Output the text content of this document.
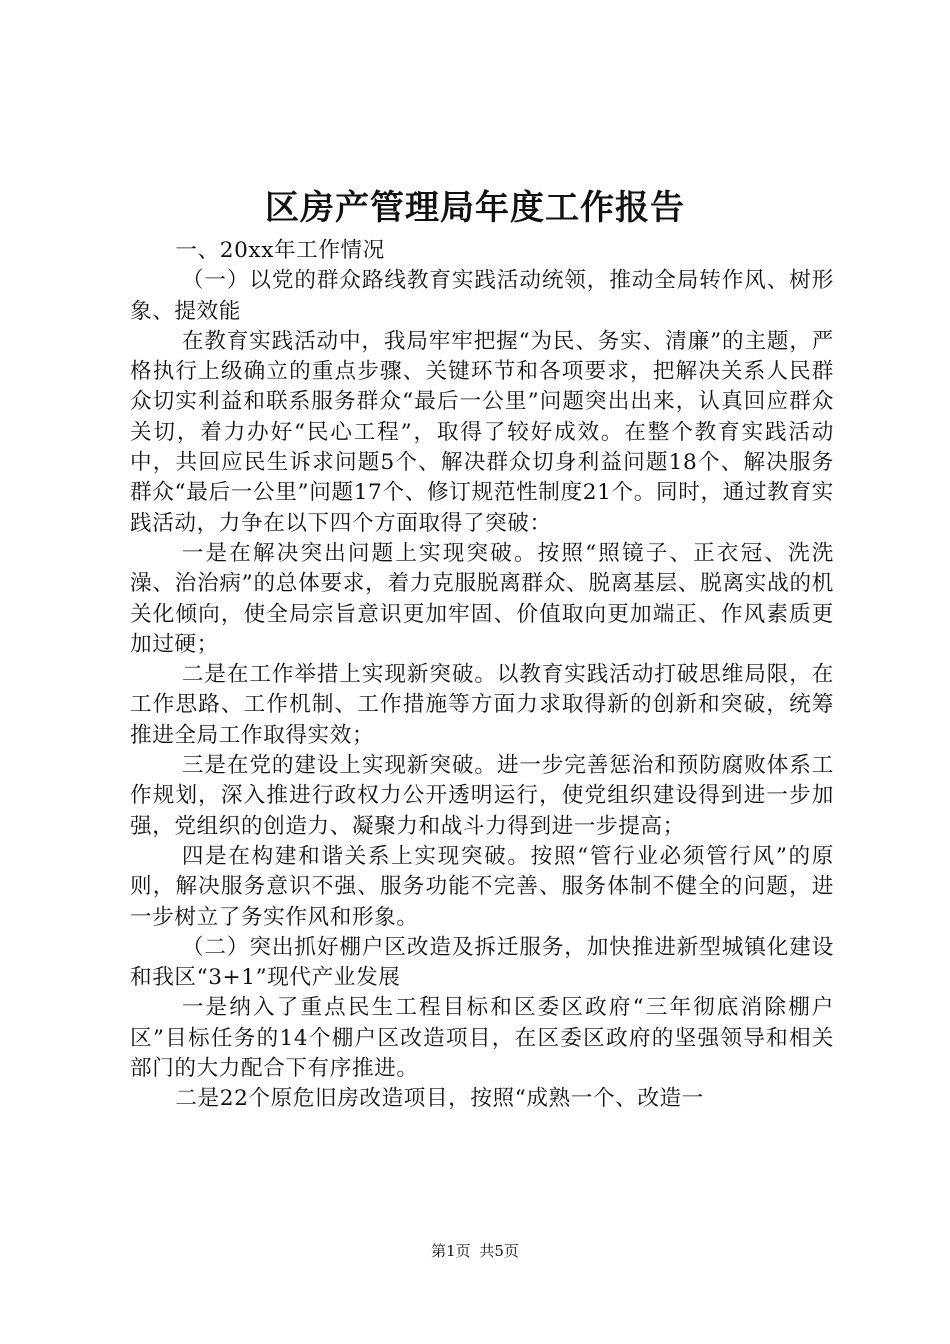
区房产管理局年度工作报告

一、20xx年工作情况

（一）以党的群众路线教育实践活动统领，推动全局转作风、树形象、提效能

在教育实践活动中，我局牢牢把握“为民、务实、清廉”的主题，严格执行上级确立的重点步骤、关键环节和各项要求，把解决关系人民群众切实利益和联系服务群众“最后一公里”问题突出出来，认真回应群众关切，着力办好“民心工程”，取得了较好成效。在整个教育实践活动中，共回应民生诉求问题5个、解决群众切身利益问题18个、解决服务群众“最后一公里”问题17个、修订规范性制度21个。同时，通过教育实践活动，力争在以下四个方面取得了突破：

一是在解决突出问题上实现突破。按照“照镜子、正衣冠、洗洗澡、治治病”的总体要求，着力克服脱离群众、脱离基层、脱离实战的机关化倾向，使全局宗旨意识更加牢固、价值取向更加端正、作风素质更加过硬；

二是在工作举措上实现新突破。以教育实践活动打破思维局限，在工作思路、工作机制、工作措施等方面力求取得新的创新和突破，统筹推进全局工作取得实效；

三是在党的建设上实现新突破。进一步完善惩治和预防腐败体系工作规划，深入推进行政权力公开透明运行，使党组织建设得到进一步加强，党组织的创造力、凝聚力和战斗力得到进一步提高；

四是在构建和谐关系上实现突破。按照“管行业必须管行风”的原则，解决服务意识不强、服务功能不完善、服务体制不健全的问题，进一步树立了务实作风和形象。

（二）突出抓好棚户区改造及拆迁服务，加快推进新型城镇化建设和我区“3+1”现代产业发展

一是纳入了重点民生工程目标和区委区政府“三年彻底消除棚户区”目标任务的14个棚户区改造项目，在区委区政府的坚强领导和相关部门的大力配合下有序推进。

二是22个原危旧房改造项目，按照“成熟一个、改造一

第1页 共5页
